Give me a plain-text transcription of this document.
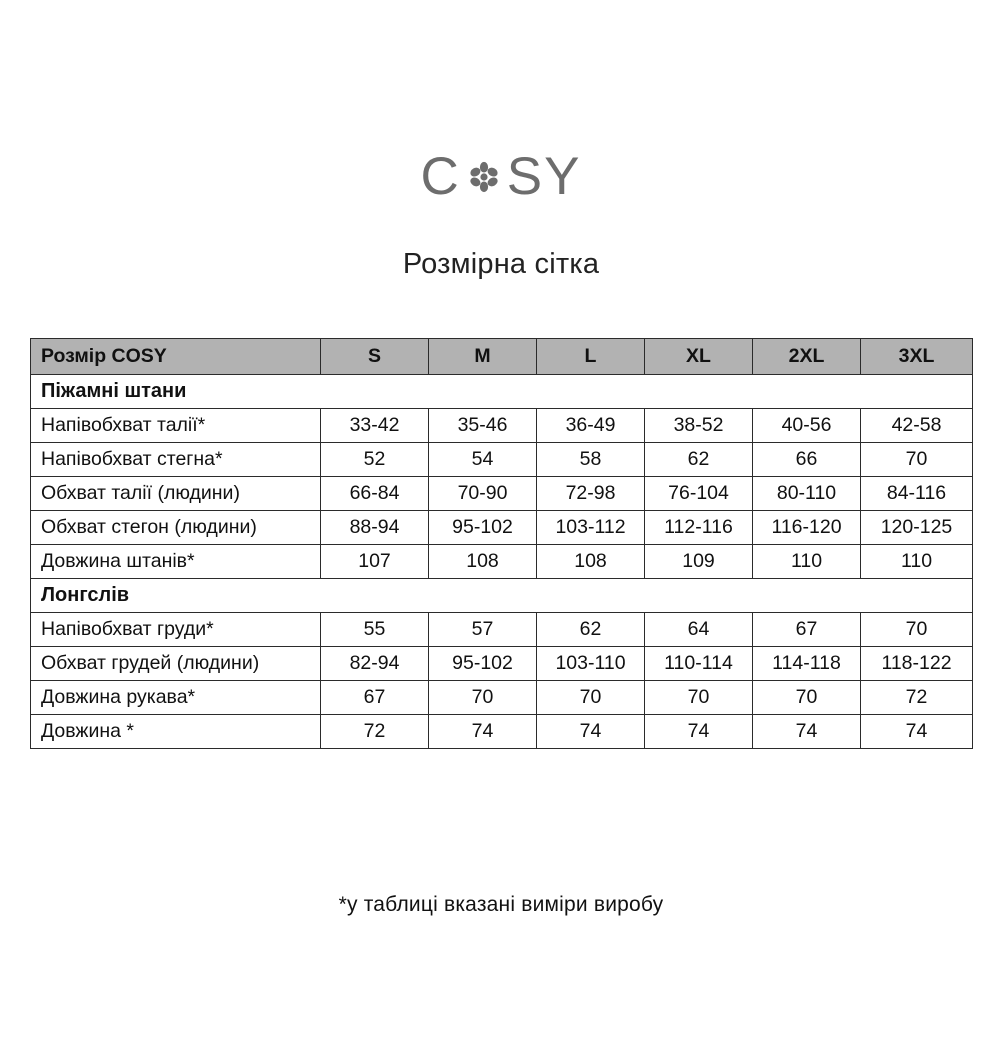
C SY
Розмірна сітка
Розмір COSY	S	M	L	XL	2XL	3XL
Піжамні штани						
Напівобхват талії*	33-42	35-46	36-49	38-52	40-56	42-58
Напівобхват стегна*	52	54	58	62	66	70
Обхват талії (людини)	66-84	70-90	72-98	76-104	80-110	84-116
Обхват стегон (людини)	88-94	95-102	103-112	112-116	116-120	120-125
Довжина штанів*	107	108	108	109	110	110
Лонгслів						
Напівобхват груди*	55	57	62	64	67	70
Обхват грудей (людини)	82-94	95-102	103-110	110-114	114-118	118-122
Довжина рукава*	67	70	70	70	70	72
Довжина *	72	74	74	74	74	74
*у таблиці вказані виміри виробу
